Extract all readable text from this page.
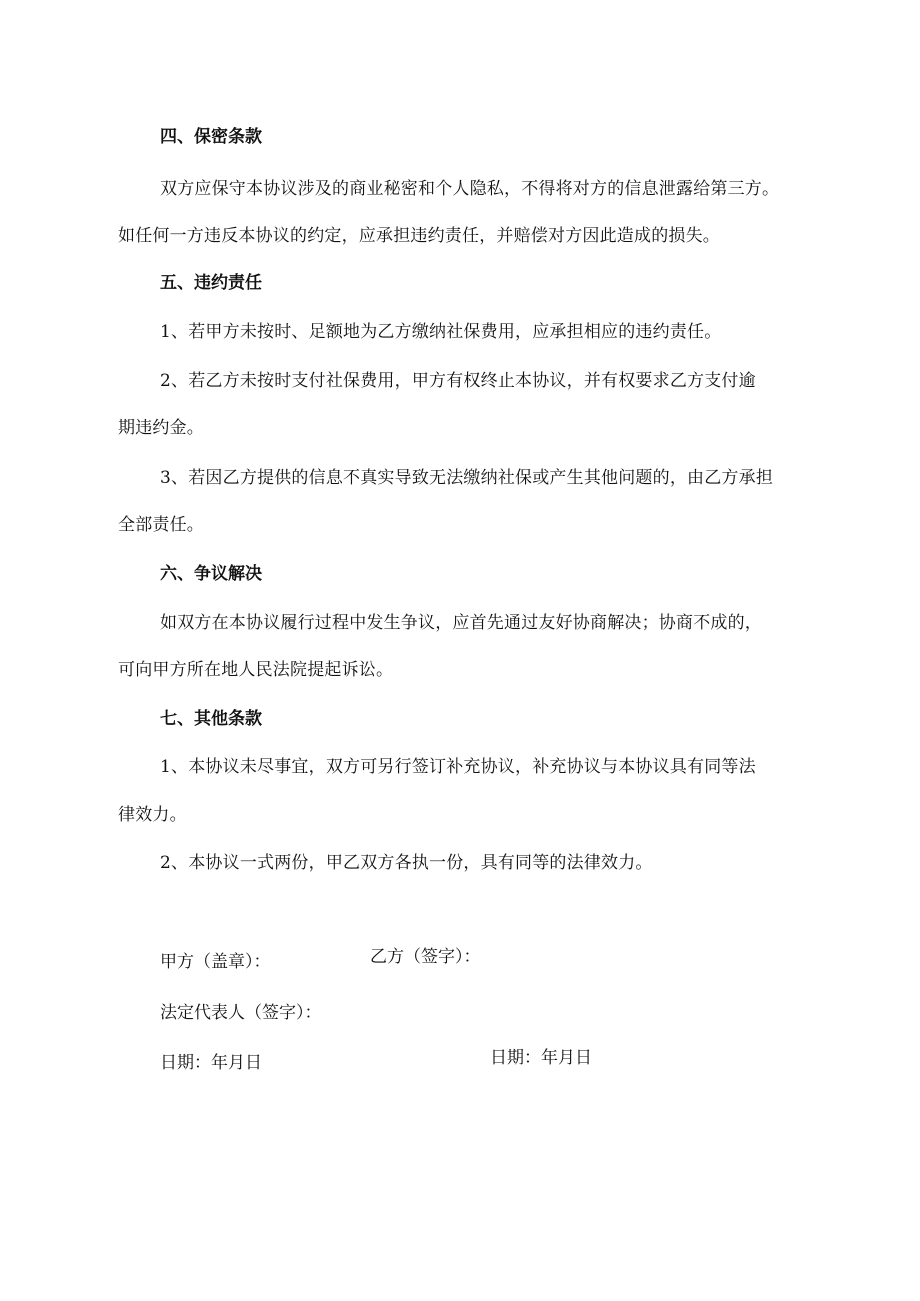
四、保密条款
双方应保守本协议涉及的商业秘密和个人隐私，不得将对方的信息泄露给第三方。
如任何一方违反本协议的约定，应承担违约责任，并赔偿对方因此造成的损失。
五、违约责任
1、若甲方未按时、足额地为乙方缴纳社保费用，应承担相应的违约责任。
2、若乙方未按时支付社保费用，甲方有权终止本协议，并有权要求乙方支付逾
期违约金。
3、若因乙方提供的信息不真实导致无法缴纳社保或产生其他问题的，由乙方承担
全部责任。
六、争议解决
如双方在本协议履行过程中发生争议，应首先通过友好协商解决；协商不成的，
可向甲方所在地人民法院提起诉讼。
七、其他条款
1、本协议未尽事宜，双方可另行签订补充协议，补充协议与本协议具有同等法
律效力。
2、本协议一式两份，甲乙双方各执一份，具有同等的法律效力。
甲方（盖章）：	乙方（签字）：
法定代表人（签字）：
日期：年月日	日期：年月日
